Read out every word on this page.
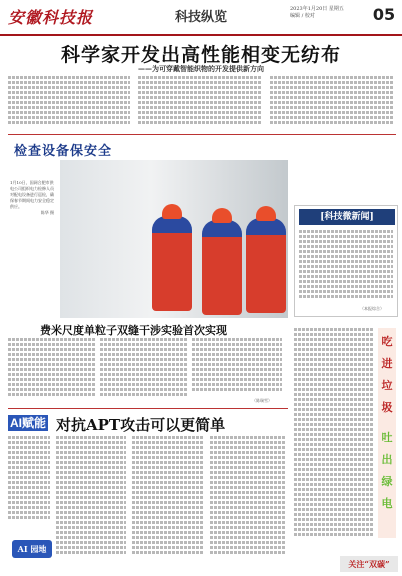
安徽科技报	科技纵览
2023年1月20日 星期五
编辑 / 校对	05
科学家开发出高性能相变无纺布
——为可穿戴智能织物的开发提供新方向
检查设备保安全
1月10日，国网合肥市供电公司组织电力检修人员对配电设备进行巡检，确保春节期间电力安全稳定供应。
陈华 摄	[科技微新闻]
（本报综合）
费米尺度单粒子双缝干涉实验首次实现
（陈瑞雪）
AI赋能 对抗APT攻击可以更简单
AI 园地
吃
进
垃
圾
吐
出
绿
电
关注“双碳”
